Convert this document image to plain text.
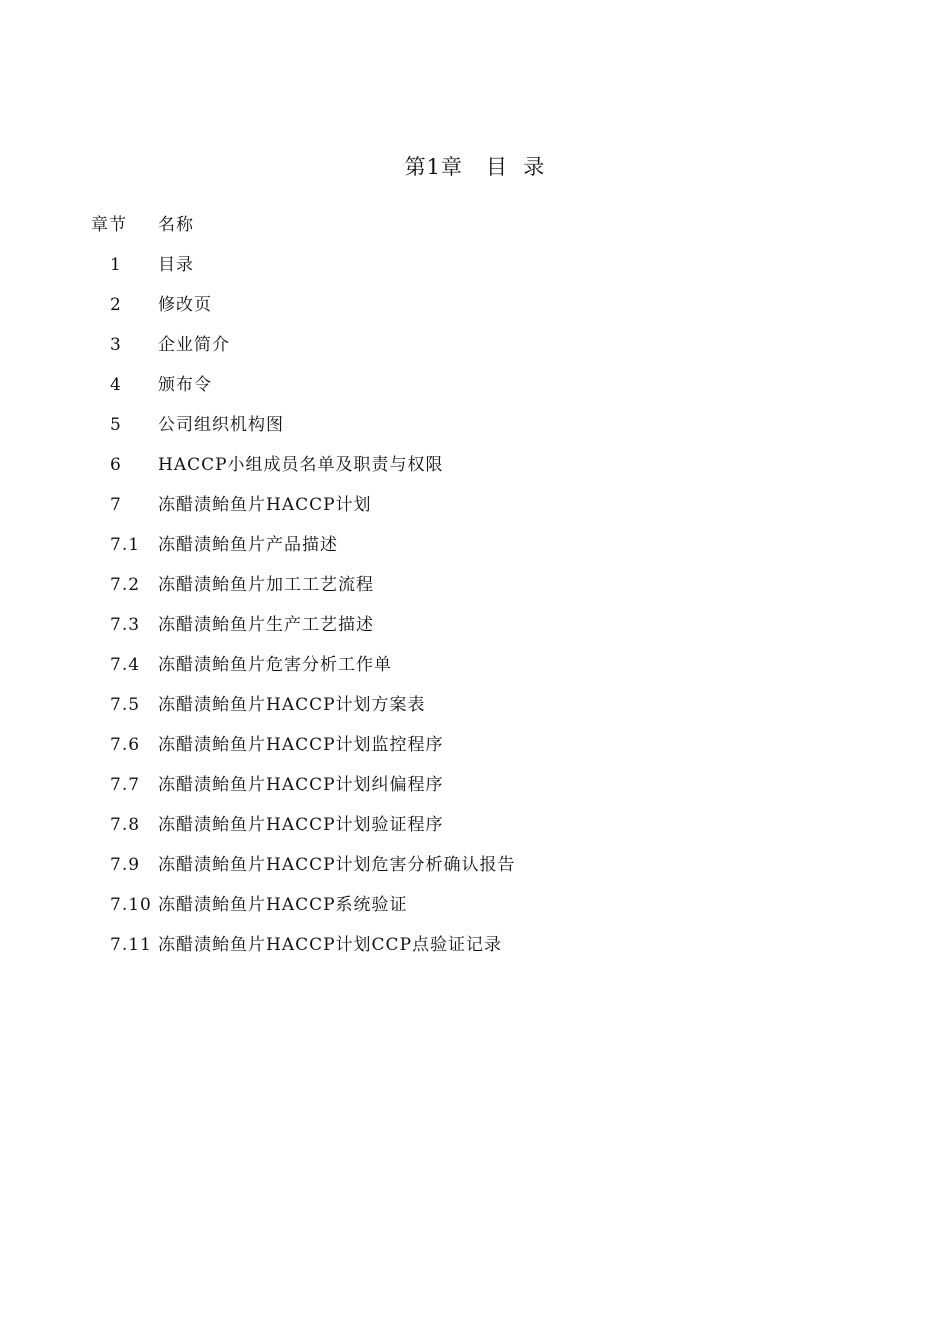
第1章   目  录
章节 名称
1 目录
2 修改页
3 企业简介
4 颁布令
5 公司组织机构图
6 HACCP小组成员名单及职责与权限
7 冻醋渍鲐鱼片HACCP计划
7.1 冻醋渍鲐鱼片产品描述
7.2 冻醋渍鲐鱼片加工工艺流程
7.3 冻醋渍鲐鱼片生产工艺描述
7.4 冻醋渍鲐鱼片危害分析工作单
7.5 冻醋渍鲐鱼片HACCP计划方案表
7.6 冻醋渍鲐鱼片HACCP计划监控程序
7.7 冻醋渍鲐鱼片HACCP计划纠偏程序
7.8 冻醋渍鲐鱼片HACCP计划验证程序
7.9 冻醋渍鲐鱼片HACCP计划危害分析确认报告
7.10 冻醋渍鲐鱼片HACCP系统验证
7.11 冻醋渍鲐鱼片HACCP计划CCP点验证记录
